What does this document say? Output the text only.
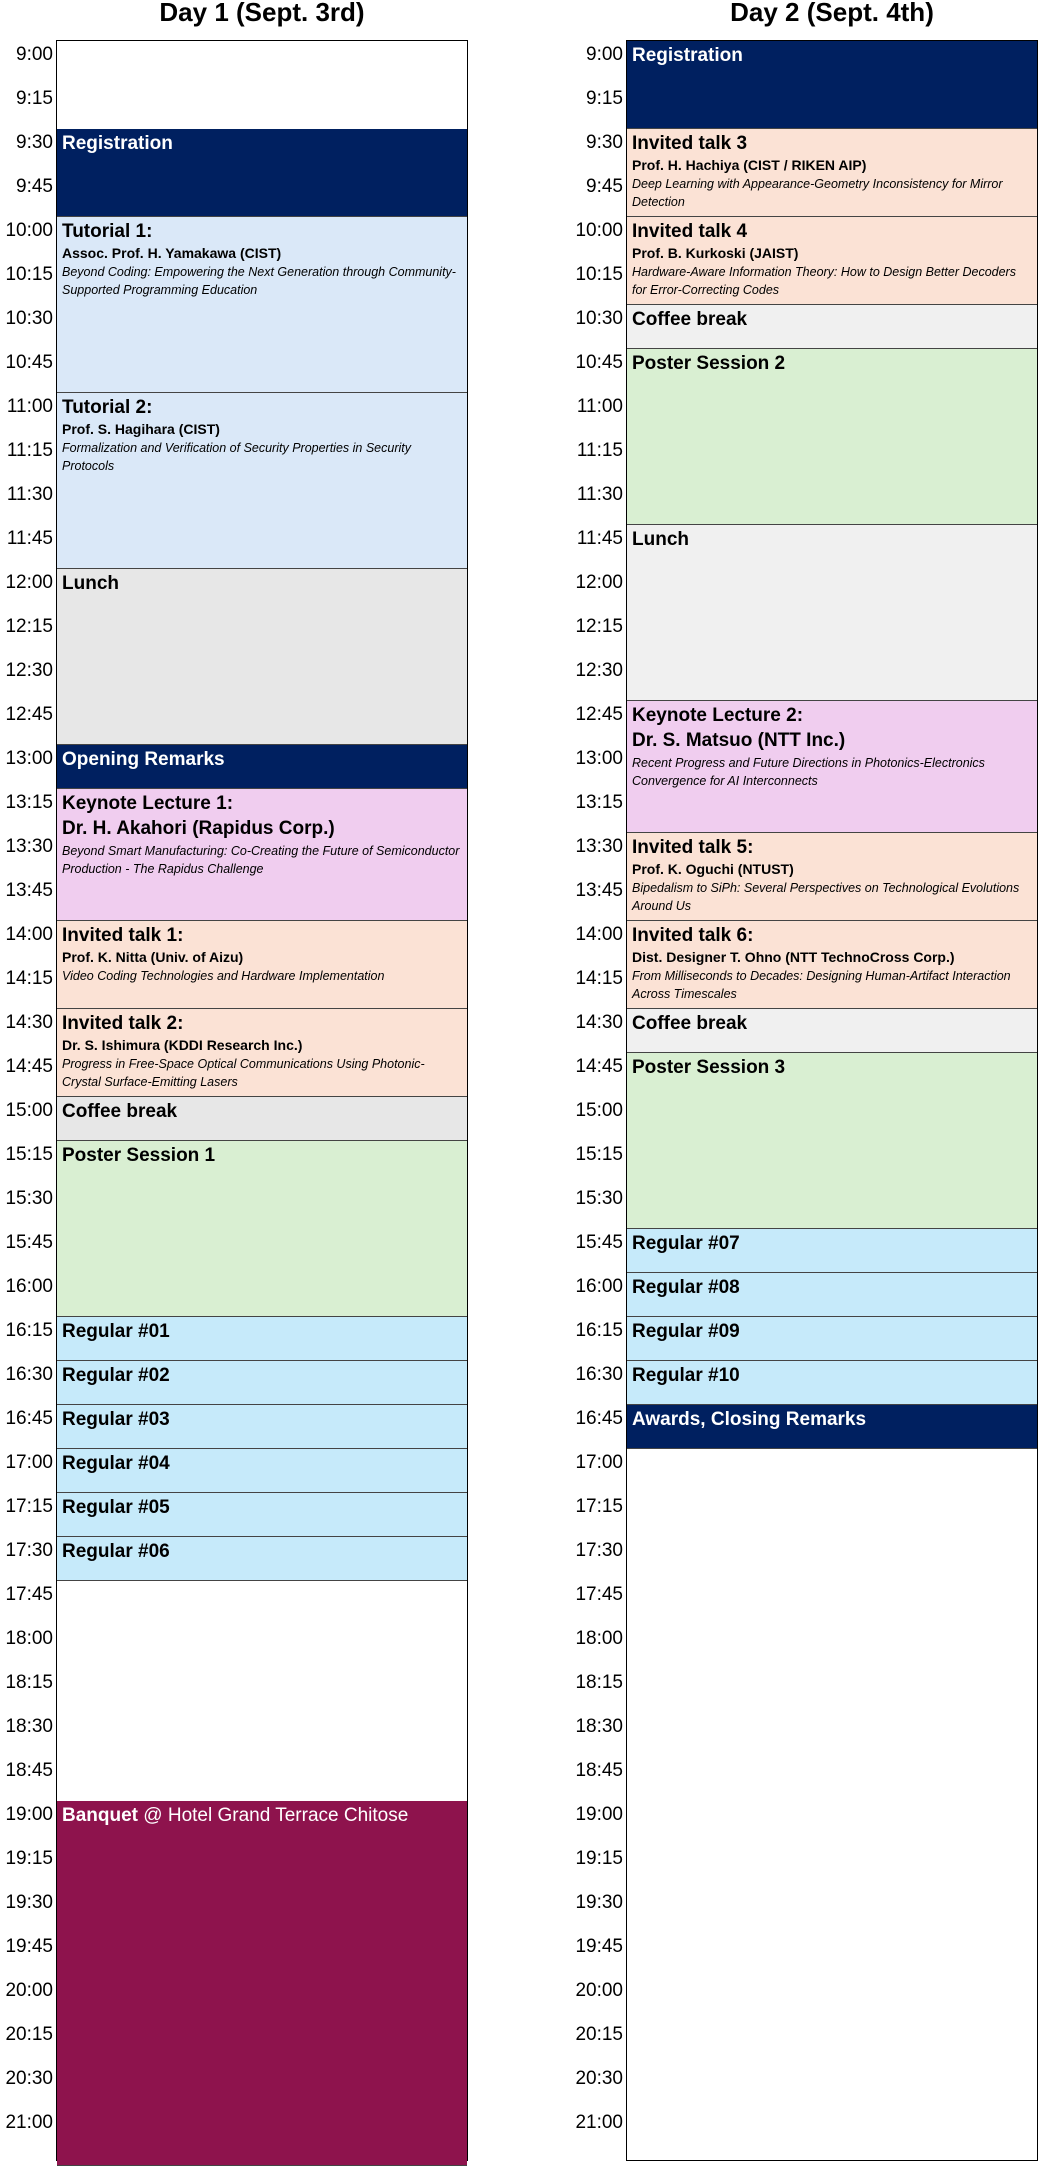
Day 1 (Sept. 3rd)	Day 2 (Sept. 4th)
9:00
9:15
9:30
9:45
10:00
10:15
10:30
10:45
11:00
11:15
11:30
11:45
12:00
12:15
12:30
12:45
13:00
13:15
13:30
13:45
14:00
14:15
14:30
14:45
15:00
15:15
15:30
15:45
16:00
16:15
16:30
16:45
17:00
17:15
17:30
17:45
18:00
18:15
18:30
18:45
19:00
19:15
19:30
19:45
20:00
20:15
20:30
21:00
9:00
9:15
9:30
9:45
10:00
10:15
10:30
10:45
11:00
11:15
11:30
11:45
12:00
12:15
12:30
12:45
13:00
13:15
13:30
13:45
14:00
14:15
14:30
14:45
15:00
15:15
15:30
15:45
16:00
16:15
16:30
16:45
17:00
17:15
17:30
17:45
18:00
18:15
18:30
18:45
19:00
19:15
19:30
19:45
20:00
20:15
20:30
21:00
Registration
Tutorial 1:
Assoc. Prof. H. Yamakawa (CIST)
Beyond Coding: Empowering the Next Generation through Community-Supported Programming Education
Tutorial 2:
Prof. S. Hagihara (CIST)
Formalization and Verification of Security Properties in Security Protocols
Lunch
Opening Remarks
Keynote Lecture 1:
Dr. H. Akahori (Rapidus Corp.)
Beyond Smart Manufacturing: Co-Creating the Future of Semiconductor Production - The Rapidus Challenge
Invited talk 1:
Prof. K. Nitta (Univ. of Aizu)
Video Coding Technologies and Hardware Implementation
Invited talk 2:
Dr. S. Ishimura (KDDI Research Inc.)
Progress in Free-Space Optical Communications Using Photonic-Crystal Surface-Emitting Lasers
Coffee break
Poster Session 1
Regular #01
Regular #02
Regular #03
Regular #04
Regular #05
Regular #06
Banquet @ Hotel Grand Terrace Chitose
Registration
Invited talk 3
Prof. H. Hachiya (CIST / RIKEN AIP)
Deep Learning with Appearance-Geometry Inconsistency for Mirror Detection
Invited talk 4
Prof. B. Kurkoski (JAIST)
Hardware-Aware Information Theory: How to Design Better Decoders for Error-Correcting Codes
Coffee break
Poster Session 2
Lunch
Keynote Lecture 2:
Dr. S. Matsuo (NTT Inc.)
Recent Progress and Future Directions in Photonics-Electronics Convergence for AI Interconnects
Invited talk 5:
Prof. K. Oguchi (NTUST)
Bipedalism to SiPh: Several Perspectives on Technological Evolutions Around Us
Invited talk 6:
Dist. Designer T. Ohno (NTT TechnoCross Corp.)
From Milliseconds to Decades: Designing Human-Artifact Interaction Across Timescales
Coffee break
Poster Session 3
Regular #07
Regular #08
Regular #09
Regular #10
Awards, Closing Remarks
